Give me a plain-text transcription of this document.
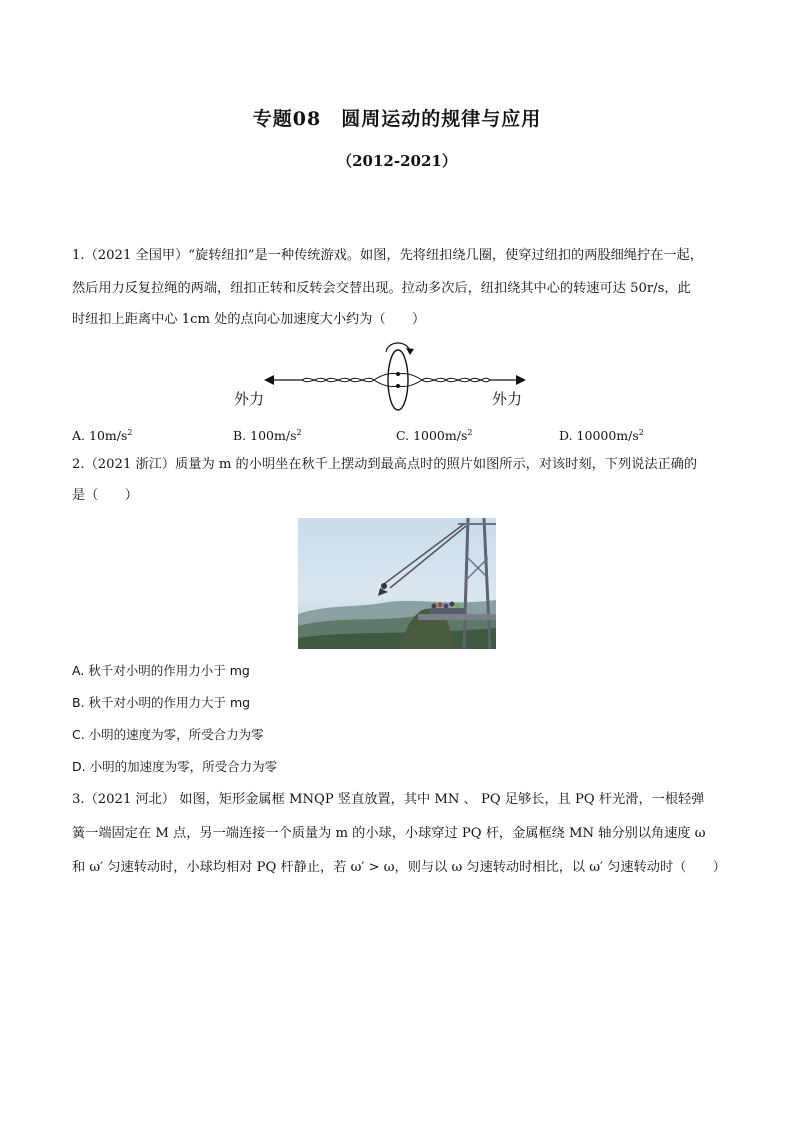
专题08　圆周运动的规律与应用
（2012-2021）
1.（2021 全国甲）“旋转纽扣”是一种传统游戏。如图，先将纽扣绕几圈，使穿过纽扣的两股细绳拧在一起，
然后用力反复拉绳的两端，纽扣正转和反转会交替出现。拉动多次后，纽扣绕其中心的转速可达 50r/s，此
时纽扣上距离中心 1cm 处的点向心加速度大小约为（　　）
外力	外力
A. $10m/s^2$	B. $100m/s^2$	C. $1000m/s^2$	D. $10000m/s^2$
2.（2021 浙江）质量为 m 的小明坐在秋千上摆动到最高点时的照片如图所示，对该时刻，下列说法正确的
是（　　）
A. 秋千对小明的作用力小于 mg
B. 秋千对小明的作用力大于 mg
C. 小明的速度为零，所受合力为零
D. 小明的加速度为零，所受合力为零
3.（2021 河北） 如图，矩形金属框 MNQP 竖直放置，其中 MN 、 PQ 足够长，且 PQ 杆光滑，一根轻弹
簧一端固定在 M 点，另一端连接一个质量为 m 的小球，小球穿过 PQ 杆，金属框绕 MN 轴分别以角速度 ω
和 ω′ 匀速转动时，小球均相对 PQ 杆静止，若 ω′ > ω，则与以 ω 匀速转动时相比，以 ω′ 匀速转动时（　　）
